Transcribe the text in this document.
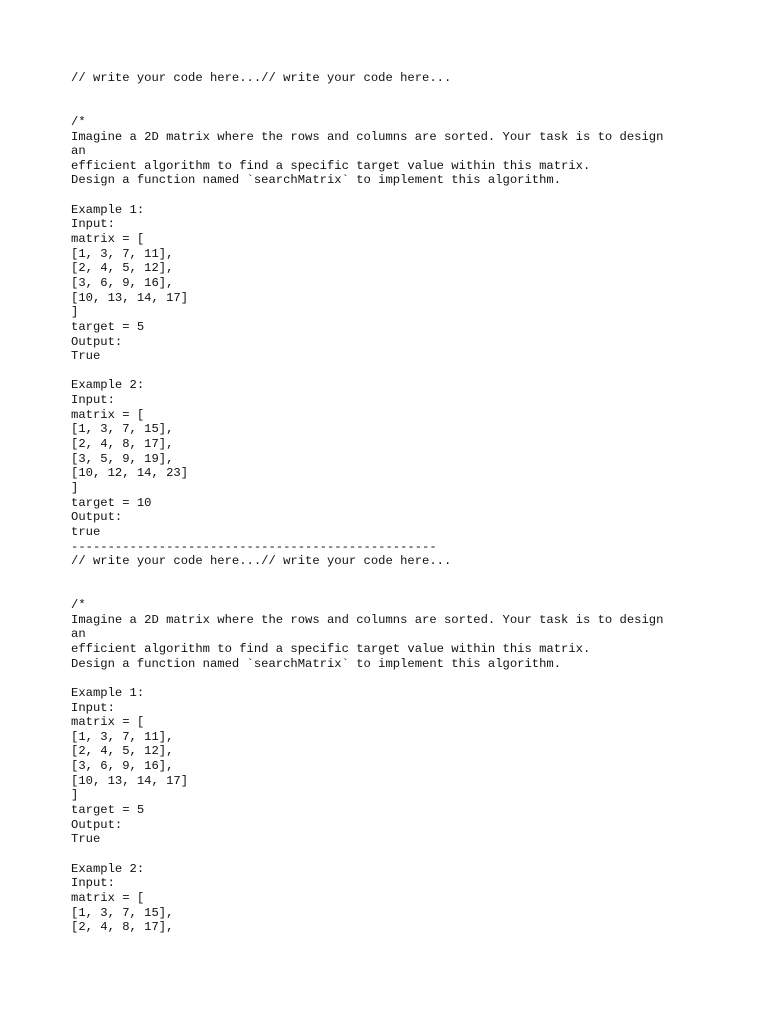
// write your code here...// write your code here...
/*
Imagine a 2D matrix where the rows and columns are sorted. Your task is to design
an
efficient algorithm to find a specific target value within this matrix.
Design a function named `searchMatrix` to implement this algorithm.
Example 1:
Input:
matrix = [
[1, 3, 7, 11],
[2, 4, 5, 12],
[3, 6, 9, 16],
[10, 13, 14, 17]
]
target = 5
Output:
True
Example 2:
Input:
matrix = [
[1, 3, 7, 15],
[2, 4, 8, 17],
[3, 5, 9, 19],
[10, 12, 14, 23]
]
target = 10
Output:
true
--------------------------------------------------
// write your code here...// write your code here...
/*
Imagine a 2D matrix where the rows and columns are sorted. Your task is to design
an
efficient algorithm to find a specific target value within this matrix.
Design a function named `searchMatrix` to implement this algorithm.
Example 1:
Input:
matrix = [
[1, 3, 7, 11],
[2, 4, 5, 12],
[3, 6, 9, 16],
[10, 13, 14, 17]
]
target = 5
Output:
True
Example 2:
Input:
matrix = [
[1, 3, 7, 15],
[2, 4, 8, 17],
